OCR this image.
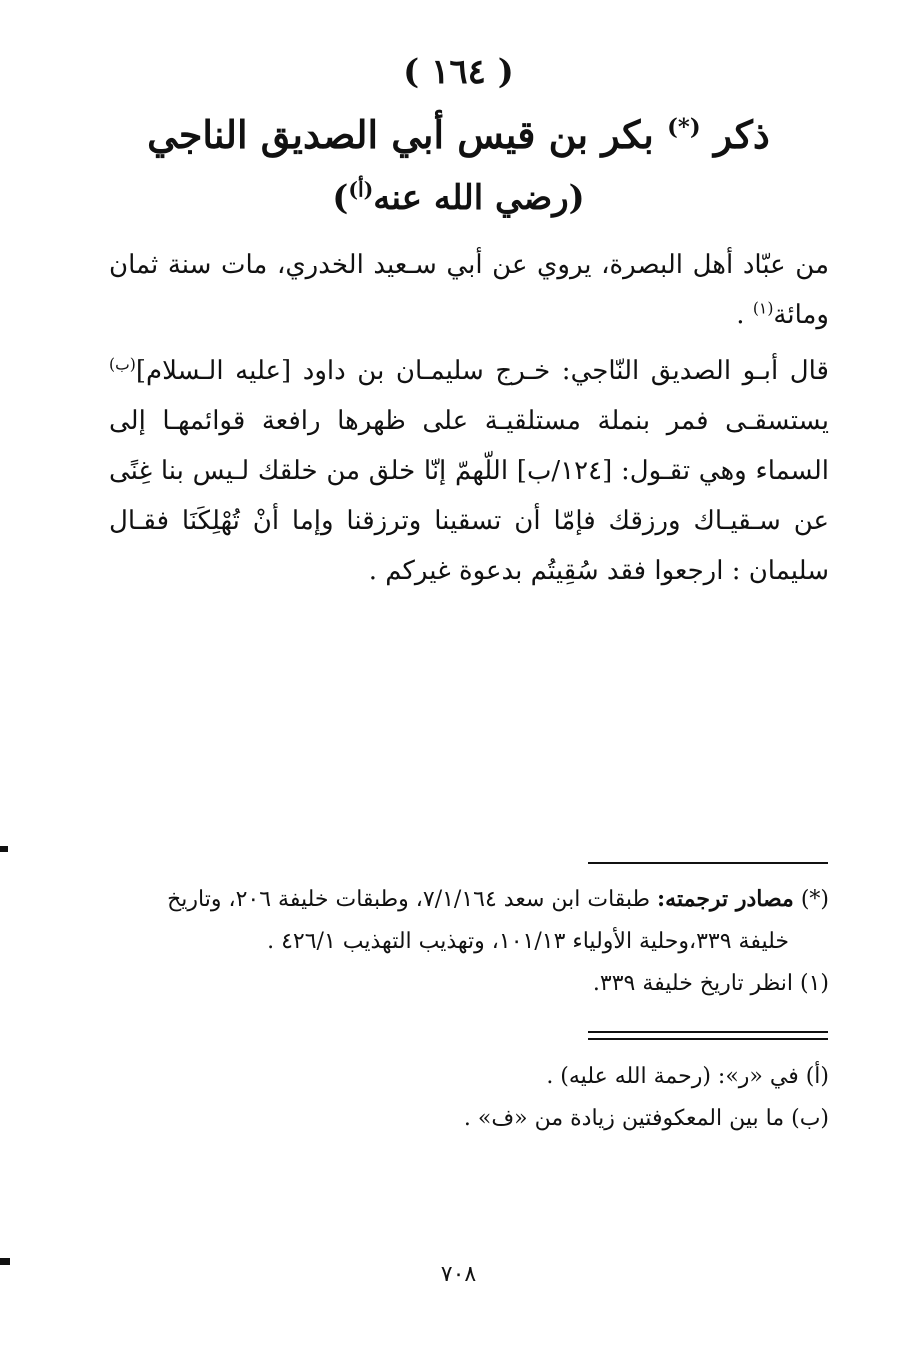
( ١٦٤ )
ذكر (*) بكر بن قيس أبي الصديق الناجي
(رضي الله عنه$^{(أ)}$)
من عبّاد أهل البصرة، يروي عن أبي سـعيد الخدري، مات سنة ثمان ومائة$^{(١)}$ .
قال أبـو الصديق النّاجي: خـرج سليمـان بن داود [عليه الـسلام]$^{(ب)}$ يستسقـى فمر بنملة مستلقيـة على ظهرها رافعة قوائمهـا إلى السماء وهي تقـول: [١٢٤/ب] اللّهمّ إنّا خلق من خلقك لـيس بنا غِنًى عن سـقيـاك ورزقك فإمّا أن تسقينا وترزقنا وإما أنْ تُهْلِكَنَا فقـال سليمان : ارجعوا فقد سُقِيتُم بدعوة غيركم .

(*) مصادر ترجمته: طبقات ابن سعد ٧/١/١٦٤، وطبقات خليفة ٢٠٦، وتاريخ

خليفة ٣٣٩،وحلية الأولياء ١٠١/١٣، وتهذيب التهذيب ٤٢٦/١ .

(١) انظر تاريخ خليفة ٣٣٩.

(أ) في «ر»: (رحمة الله عليه) .

(ب) ما بين المعكوفتين زيادة من «ف» .

٧٠٨
